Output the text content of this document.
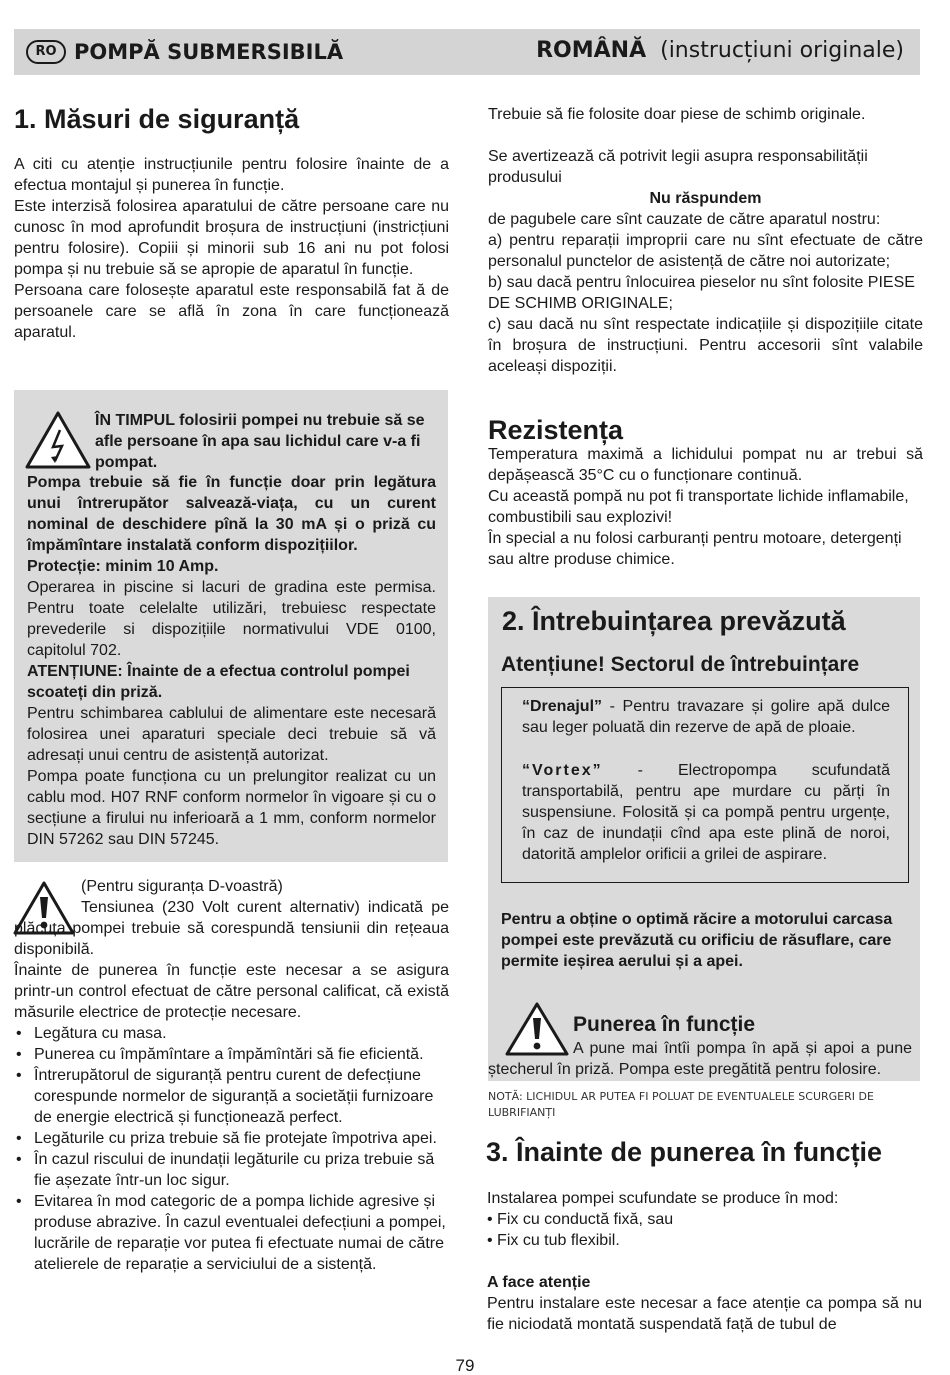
RO POMPĂ SUBMERSIBILĂ	ROMÂNĂ (instrucțiuni originale)
1. Măsuri de siguranță

A citi cu atenție instrucțiunile pentru folosire înainte de a efectua montajul și punerea în funcție.

Este interzisă folosirea aparatului de către persoane care nu cunosc în mod aprofundit broșura de instrucțiuni (instricțiuni pentru folosire). Copiii și minorii sub 16 ani nu pot folosi pompa și nu trebuie să se apropie de aparatul în funcție.

Persoana care folosește aparatul este responsabilă fat ă de persoanele care se află în zona în care funcționează aparatul.

ÎN TIMPUL folosirii pompei nu trebuie să se afle persoane în apa sau lichidul care v-a fi pompat.

Pompa trebuie să fie în funcție doar prin legătura unui întrerupător salvează-viața, cu un curent nominal de deschidere pînă la 30 mA și o priză cu împămîntare instalată conform dispozițiilor.

Protecție: minim 10 Amp.

Operarea in piscine si lacuri de gradina este permisa. Pentru toate celelalte utilizări, trebuiesc respectate prevederile si dispozițiile normativului VDE 0100, capitolul 702.

ATENȚIUNE: Înainte de a efectua controlul pompei scoateți din priză.

Pentru schimbarea cablului de alimentare este necesară folosirea unei aparaturi speciale deci trebuie să vă adresați unui centru de asistență autorizat.

Pompa poate funcționa cu un prelungitor realizat cu un cablu mod. H07 RNF conform normelor în vigoare și cu o secțiune a firului nu inferioară a 1 mm, conform normelor DIN 57262 sau DIN 57245.

(Pentru siguranța D-voastră)
Tensiunea (230 Volt curent alternativ) indicată pe plăcuța pompei trebuie să corespundă tensiunii din rețeaua disponibilă.

Înainte de punerea în funcție este necesar a se asigura printr-un control efectuat de către personal calificat, că există măsurile electrice de protecție necesare.

• Legătura cu masa.
• Punerea cu împămîntare a împămîntări să fie eficientă.
• Întrerupătorul de siguranță pentru curent de defecțiune corespunde normelor de siguranță a societății furnizoare de energie electrică și funcționează perfect.
• Legăturile cu priza trebuie să fie protejate împotriva apei.
• În cazul riscului de inundații legăturile cu priza trebuie să fie așezate într-un loc sigur.
• Evitarea în mod categoric de a pompa lichide agresive și produse abrazive. În cazul eventualei defecțiuni a pompei, lucrările de reparație vor putea fi efectuate numai de către atelierele de reparație a serviciului de a sistență.

Trebuie să fie folosite doar piese de schimb originale.

Se avertizează că potrivit legii asupra responsabilității produsului

Nu răspundem

de pagubele care sînt cauzate de către aparatul nostru:

a) pentru reparații improprii care nu sînt efectuate de către personalul punctelor de asistență de către noi autorizate;

b) sau dacă pentru înlocuirea pieselor nu sînt folosite PIESE DE SCHIMB ORIGINALE;

c) sau dacă nu sînt respectate indicațiile și dispozițiile citate în broșura de instrucțiuni. Pentru accesorii sînt valabile aceleași dispoziții.

Rezistența

Temperatura maximă a lichidului pompat nu ar trebui să depășească 35°C cu o funcționare continuă.

Cu această pompă nu pot fi transportate lichide inflamabile, combustibili sau explozivi!

În special a nu folosi carburanți pentru motoare, detergenți sau altre produse chimice.

2. Întrebuințarea prevăzută
Atențiune! Sectorul de întrebuințare

“Drenajul” - Pentru travazare și golire apă dulce sau leger poluată din rezerve de apă de ploaie.

“Vortex” - Electropompa scufundată transportabilă, pentru ape murdare cu părți în suspensiune. Folosită și ca pompă pentru urgențe, în caz de inundații cînd apa este plină de noroi, datorită amplelor orificii a grilei de aspirare.

Pentru a obține o optimă răcire a motorului carcasa pompei este prevăzută cu orificiu de răsuflare, care permite ieșirea aerului și a apei.
Punerea în funcție
A pune mai întîi pompa în apă și apoi a pune ștecherul în priză. Pompa este pregătită pentru folosire.
NOTĂ: LICHIDUL AR PUTEA FI POLUAT DE EVENTUALELE SCURGERI DE LUBRIFIANȚI
3. Înainte de punerea în funcție

Instalarea pompei scufundate se produce în mod:

• Fix cu conductă fixă, sau

• Fix cu tub flexibil.

A face atenție

Pentru instalare este necesar a face atenție ca pompa să nu fie niciodată montată suspendată față de tubul de

79
